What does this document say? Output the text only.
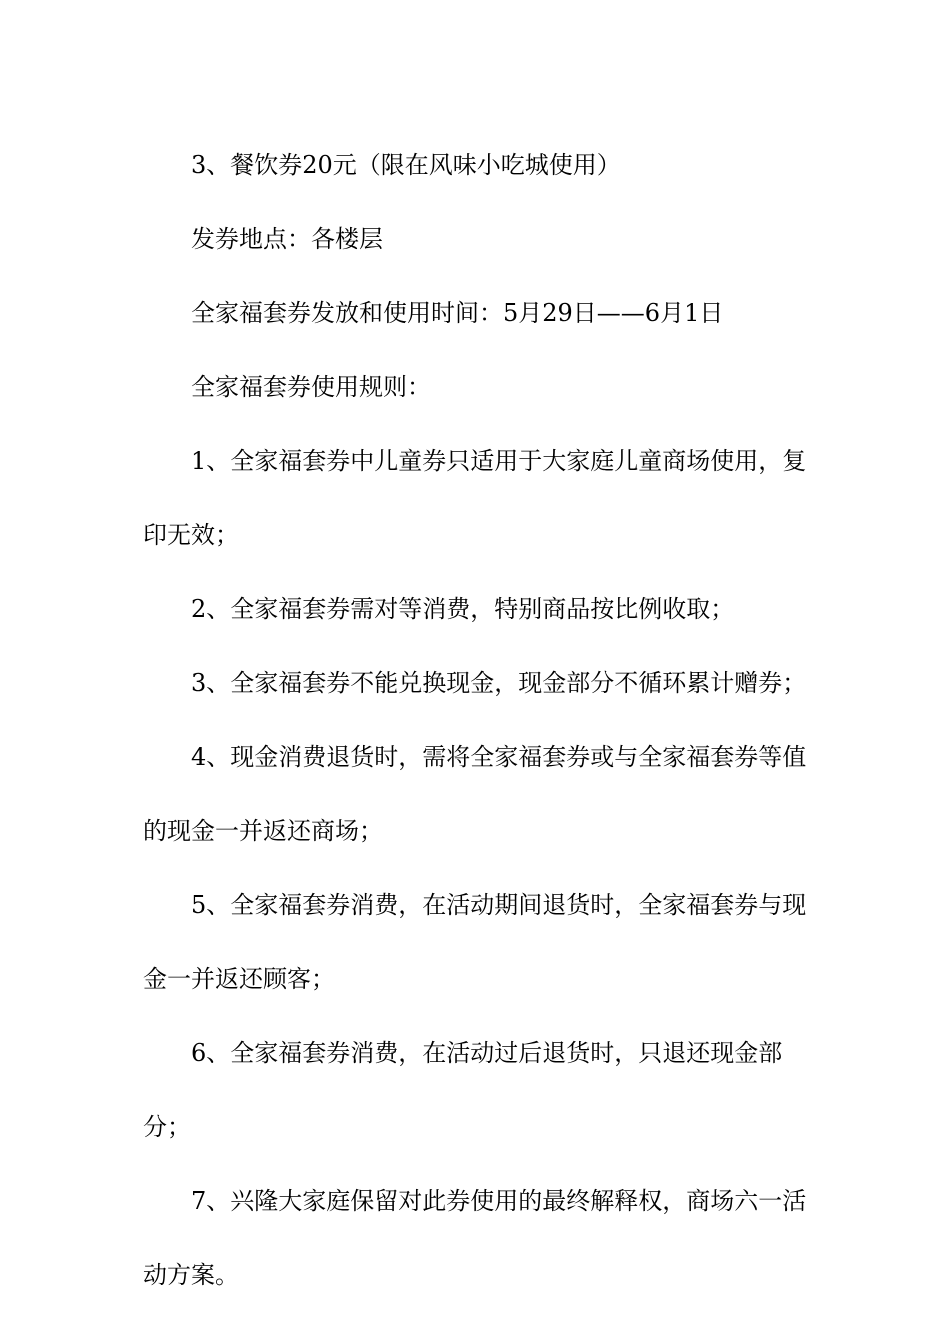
3、餐饮券20元（限在风味小吃城使用）

发券地点：各楼层

全家福套券发放和使用时间：5月29日——6月1日

全家福套券使用规则：

1、全家福套券中儿童券只适用于大家庭儿童商场使用，复印无效；

2、全家福套券需对等消费，特别商品按比例收取；

3、全家福套券不能兑换现金，现金部分不循环累计赠券；

4、现金消费退货时，需将全家福套券或与全家福套券等值的现金一并返还商场；

5、全家福套券消费，在活动期间退货时，全家福套券与现金一并返还顾客；

6、全家福套券消费，在活动过后退货时，只退还现金部分；

7、兴隆大家庭保留对此券使用的最终解释权，商场六一活动方案。
